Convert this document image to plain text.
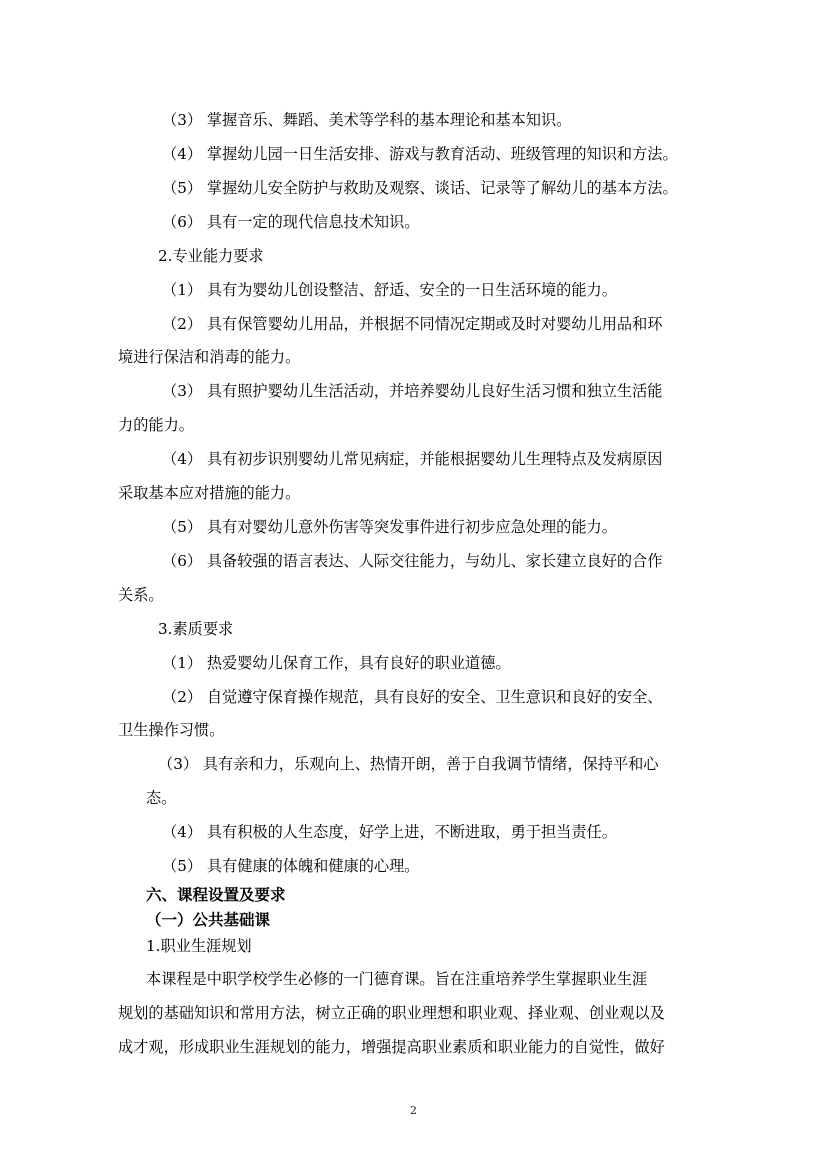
（3） 掌握音乐、舞蹈、美术等学科的基本理论和基本知识。
（4） 掌握幼儿园一日生活安排、游戏与教育活动、班级管理的知识和方法。
（5） 掌握幼儿安全防护与救助及观察、谈话、记录等了解幼儿的基本方法。
（6） 具有一定的现代信息技术知识。
2.专业能力要求
（1） 具有为婴幼儿创设整洁、舒适、安全的一日生活环境的能力。
（2） 具有保管婴幼儿用品，并根据不同情况定期或及时对婴幼儿用品和环
境进行保洁和消毒的能力。
（3） 具有照护婴幼儿生活活动，并培养婴幼儿良好生活习惯和独立生活能
力的能力。
（4） 具有初步识别婴幼儿常见病症，并能根据婴幼儿生理特点及发病原因
采取基本应对措施的能力。
（5） 具有对婴幼儿意外伤害等突发事件进行初步应急处理的能力。
（6） 具备较强的语言表达、人际交往能力，与幼儿、家长建立良好的合作
关系。
3.素质要求
（1） 热爱婴幼儿保育工作，具有良好的职业道德。
（2） 自觉遵守保育操作规范，具有良好的安全、卫生意识和良好的安全、
卫生操作习惯。
（3） 具有亲和力，乐观向上、热情开朗，善于自我调节情绪，保持平和心
态。
（4） 具有积极的人生态度，好学上进，不断进取，勇于担当责任。
（5） 具有健康的体魄和健康的心理。
六、课程设置及要求
（一）公共基础课
1.职业生涯规划
本课程是中职学校学生必修的一门德育课。旨在注重培养学生掌握职业生涯
规划的基础知识和常用方法，树立正确的职业理想和职业观、择业观、创业观以及
成才观，形成职业生涯规划的能力，增强提高职业素质和职业能力的自觉性，做好
2
